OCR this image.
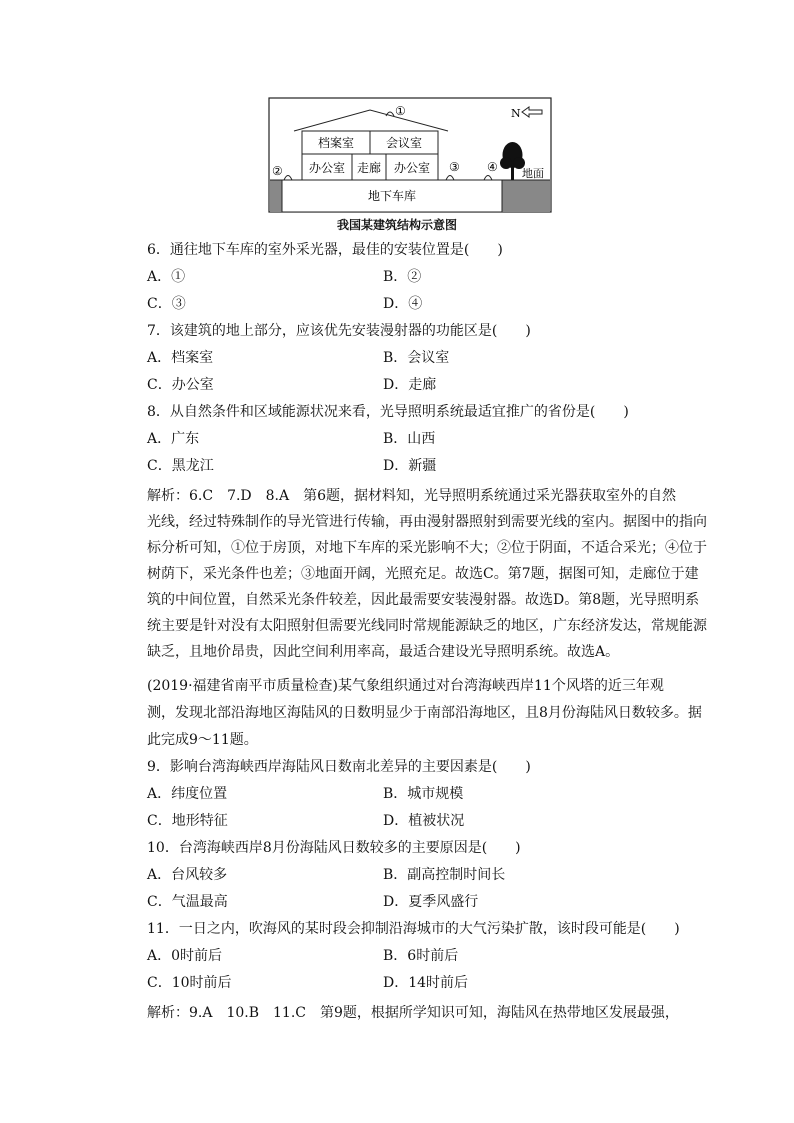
N
档案室	会议室
办公室 走廊 办公室
地下车库
①
②	③ ④ 地面
我国某建筑结构示意图
6．通往地下车库的室外采光器，最佳的安装位置是(　　)
A．①	B．②
C．③	D．④
7．该建筑的地上部分，应该优先安装漫射器的功能区是(　　)
A．档案室	B．会议室
C．办公室	D．走廊
8．从自然条件和区域能源状况来看，光导照明系统最适宜推广的省份是(　　)
A．广东	B．山西
C．黑龙江	D．新疆
解析：6.C　7.D　8.A　第6题，据材料知，光导照明系统通过采光器获取室外的自然
光线，经过特殊制作的导光管进行传输，再由漫射器照射到需要光线的室内。据图中的指向
标分析可知，①位于房顶，对地下车库的采光影响不大；②位于阴面，不适合采光；④位于
树荫下，采光条件也差；③地面开阔，光照充足。故选C。第7题，据图可知，走廊位于建
筑的中间位置，自然采光条件较差，因此最需要安装漫射器。故选D。第8题，光导照明系
统主要是针对没有太阳照射但需要光线同时常规能源缺乏的地区，广东经济发达，常规能源
缺乏，且地价昂贵，因此空间利用率高，最适合建设光导照明系统。故选A。
(2019·福建省南平市质量检查)某气象组织通过对台湾海峡西岸11个风塔的近三年观
测，发现北部沿海地区海陆风的日数明显少于南部沿海地区，且8月份海陆风日数较多。据
此完成9～11题。
9．影响台湾海峡西岸海陆风日数南北差异的主要因素是(　　)
A．纬度位置	B．城市规模
C．地形特征	D．植被状况
10．台湾海峡西岸8月份海陆风日数较多的主要原因是(　　)
A．台风较多	B．副高控制时间长
C．气温最高	D．夏季风盛行
11．一日之内，吹海风的某时段会抑制沿海城市的大气污染扩散，该时段可能是(　　)
A．0时前后	B．6时前后
C．10时前后	D．14时前后
解析：9.A　10.B　11.C　第9题，根据所学知识可知，海陆风在热带地区发展最强，
